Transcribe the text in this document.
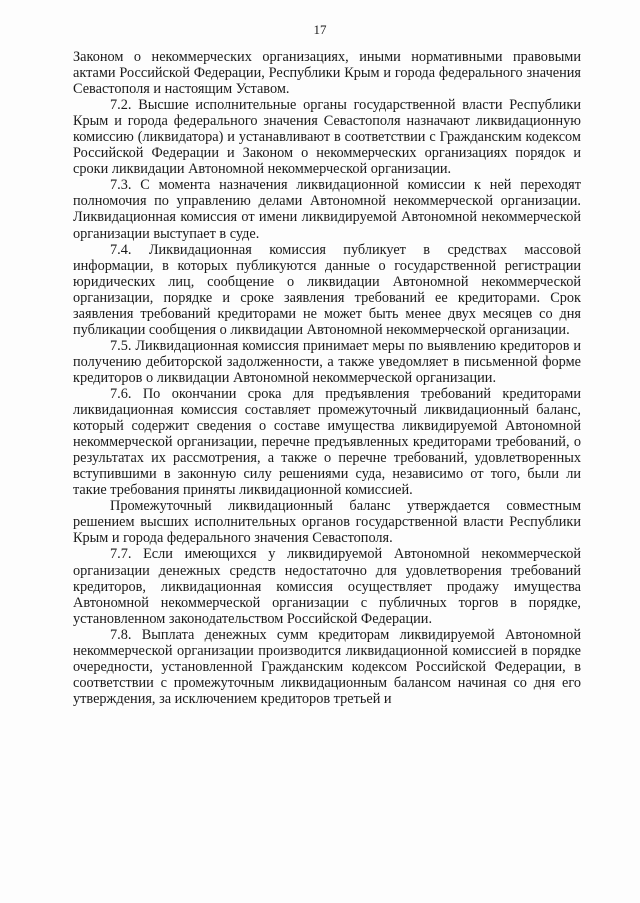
17

Законом о некоммерческих организациях, иными нормативными правовыми актами Российской Федерации, Республики Крым и города федерального значения Севастополя и настоящим Уставом.

7.2. Высшие исполнительные органы государственной власти Республики Крым и города федерального значения Севастополя назначают ликвидационную комиссию (ликвидатора) и устанавливают в соответствии с Гражданским кодексом Российской Федерации и Законом о некоммерческих организациях порядок и сроки ликвидации Автономной некоммерческой организации.

7.3. С момента назначения ликвидационной комиссии к ней переходят полномочия по управлению делами Автономной некоммерческой организации. Ликвидационная комиссия от имени ликвидируемой Автономной некоммерческой организации выступает в суде.

7.4. Ликвидационная комиссия публикует в средствах массовой информации, в которых публикуются данные о государственной регистрации юридических лиц, сообщение о ликвидации Автономной некоммерческой организации, порядке и сроке заявления требований ее кредиторами. Срок заявления требований кредиторами не может быть менее двух месяцев со дня публикации сообщения о ликвидации Автономной некоммерческой организации.

7.5. Ликвидационная комиссия принимает меры по выявлению кредиторов и получению дебиторской задолженности, а также уведомляет в письменной форме кредиторов о ликвидации Автономной некоммерческой организации.

7.6. По окончании срока для предъявления требований кредиторами ликвидационная комиссия составляет промежуточный ликвидационный баланс, который содержит сведения о составе имущества ликвидируемой Автономной некоммерческой организации, перечне предъявленных кредиторами требований, о результатах их рассмотрения, а также о перечне требований, удовлетворенных вступившими в законную силу решениями суда, независимо от того, были ли такие требования приняты ликвидационной комиссией.

Промежуточный ликвидационный баланс утверждается совместным решением высших исполнительных органов государственной власти Республики Крым и города федерального значения Севастополя.

7.7. Если имеющихся у ликвидируемой Автономной некоммерческой организации денежных средств недостаточно для удовлетворения требований кредиторов, ликвидационная комиссия осуществляет продажу имущества Автономной некоммерческой организации с публичных торгов в порядке, установленном законодательством Российской Федерации.

7.8. Выплата денежных сумм кредиторам ликвидируемой Автономной некоммерческой организации производится ликвидационной комиссией в порядке очередности, установленной Гражданским кодексом Российской Федерации, в соответствии с промежуточным ликвидационным балансом начиная со дня его утверждения, за исключением кредиторов третьей и
